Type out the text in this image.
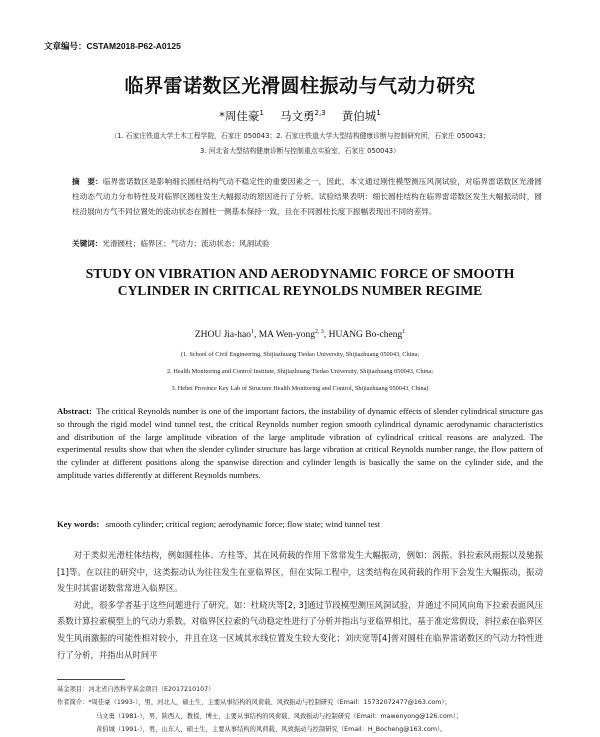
文章编号：CSTAM2018-P62-A0125
临界雷诺数区光滑圆柱振动与气动力研究
*周佳豪$^1$ 马文勇$^{2,3}$ 黄伯城$^1$
（1. 石家庄铁道大学土木工程学院，石家庄 050043；2. 石家庄铁道大学大型结构健康诊断与控制研究所，石家庄 050043；
3. 河北省大型结构健康诊断与控制重点实验室，石家庄 050043）
摘　要：临界雷诺数区是影响细长圆柱结构气动不稳定性的重要因素之一，因此，本文通过刚性模型测压风洞试验，对临界雷诺数区光滑圆柱动态气动力分布特性及对临界区圆柱发生大幅振动的原因进行了分析。试验结果表明：细长圆柱结构在临界雷诺数区发生大幅振动时，圆柱沿展向方气不同位置处的流动状态在圆柱一侧基本保持一致，且在不同圆柱长度下振幅表现出不同的差异。
关键词：光滑圆柱；临界区；气动力；流动状态；风洞试验
STUDY ON VIBRATION AND AERODYNAMIC FORCE OF SMOOTH CYLINDER IN CRITICAL REYNOLDS NUMBER REGIME
ZHOU Jia-hao$^1$, MA Wen-yong$^{2, 3}$, HUANG Bo-cheng$^1$
(1. School of Civil Engineering, Shijiazhuang Tiedao University, Shijiazhuang 050043, China;
2. Health Monitoring and Control Institute, Shijiazhuang Tiedao University, Shijiazhuang 050043, China;
3. Hebei Province Key Lab of Structure Health Monitoring and Control, Shijiazhuang 050043, China)
Abstract: The critical Reynolds number is one of the important factors, the instability of dynamic effects of slender cylindrical structure gas so through the rigid model wind tunnel test, the critical Reynolds number region smooth cylindrical dynamic aerodynamic characteristics and distribution of the large amplitude vibration of the large amplitude vibration of cylindrical critical reasons are analyzed. The experimental results show that when the slender cylinder structure has large vibration at critical Reynolds number range, the flow pattern of the cylinder at different positions along the spanwise direction and cylinder length is basically the same on the cylinder side, and the amplitude varies differently at different Reynolds numbers.
Key words: smooth cylinder; critical region; aerodynamic force; flow state; wind tunnel test

对于类似光滑柱体结构，例如圆柱体、方柱等，其在风荷载的作用下常常发生大幅振动，例如：涡振、斜拉索风雨振以及驰振[1]等。在以往的研究中，这类振动认为往往发生在亚临界区，但在实际工程中，这类结构在风荷载的作用下会发生大幅振动，振动发生时其雷诺数常常进入临界区。

对此，很多学者基于这些问题进行了研究。如：杜晓庆等[2, 3]通过节段模型测压风洞试验，并通过不同风向角下拉索表面风压系数计算拉索模型上的气动力系数，对临界区拉索的气动稳定性进行了分析并指出与亚临界相比，基于准定常假设，斜拉索在临界区发生风雨激振的可能性相对较小，并且在这一区域其水线位置发生较大变化；刘庆宽等[4]普对圆柱在临界雷诺数区的气动力特性进行了分析，并指出从时间平

基金项目：河北省自然科学基金项目（E2017210107）
作者简介：*周佳豪（1993-），男，河北人，硕士生，主要从事结构的风荷载、风致振动与控制研究（Email：15732072477@163.com）；
马文勇（1981-），男，陕西人，教授，博士，主要从事结构的风荷载、风致振动与控制研究（Email：mawenyong@126.com）；
黄伯城（1991-），男，山东人，硕士生，主要从事结构的风荷载、风致振动与控制研究（Email：H_Bocheng@163.com）。
